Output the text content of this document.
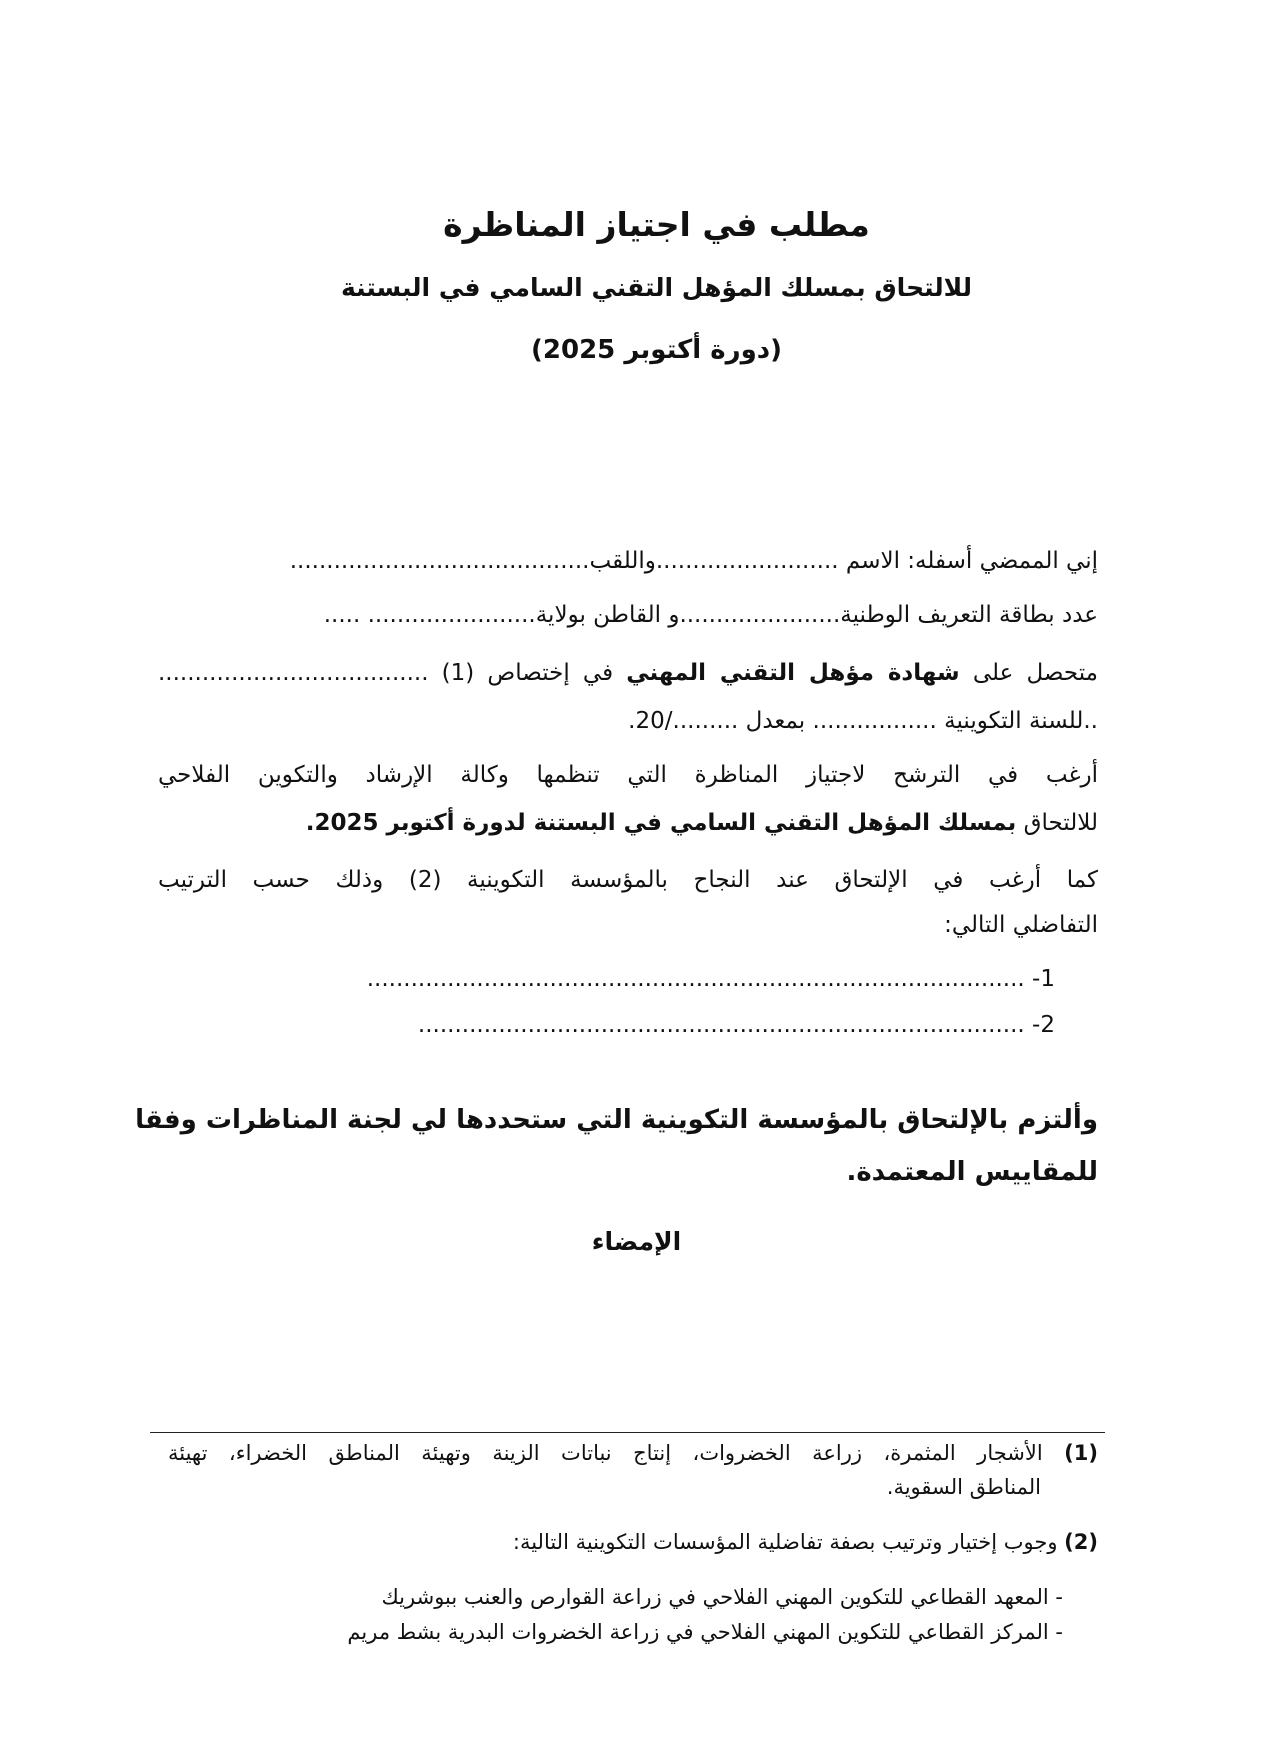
مطلب في اجتياز المناظرة
للالتحاق بمسلك المؤهل التقني السامي في البستنة
(دورة أكتوبر 2025)
إني الممضي أسفله: الاسم .........................واللقب.........................................
عدد بطاقة التعريف الوطنية......................و القاطن بولاية....................... .....
متحصل على شهادة مؤهل التقني المهني في إختصاص (1) .....................................
..للسنة التكوينية ................. بمعدل ........./20.
أرغب في الترشح لاجتياز المناظرة التي تنظمها وكالة الإرشاد والتكوين الفلاحي
للالتحاق بمسلك المؤهل التقني السامي في البستنة لدورة أكتوبر 2025.
كما أرغب في الإلتحاق عند النجاح بالمؤسسة التكوينية (2) وذلك حسب الترتيب
التفاضلي التالي:
1- ..........................................................................................
2- ...................................................................................
وألتزم بالإلتحاق بالمؤسسة التكوينية التي ستحددها لي لجنة المناظرات وفقا
للمقاييس المعتمدة.
الإمضاء
(1) الأشجار المثمرة، زراعة الخضروات، إنتاج نباتات الزينة وتهيئة المناطق الخضراء، تهيئة
المناطق السقوية.
(2) وجوب إختيار وترتيب بصفة تفاضلية المؤسسات التكوينية التالية:
- المعهد القطاعي للتكوين المهني الفلاحي في زراعة القوارص والعنب ببوشريك
- المركز القطاعي للتكوين المهني الفلاحي في زراعة الخضروات البدرية بشط مريم
